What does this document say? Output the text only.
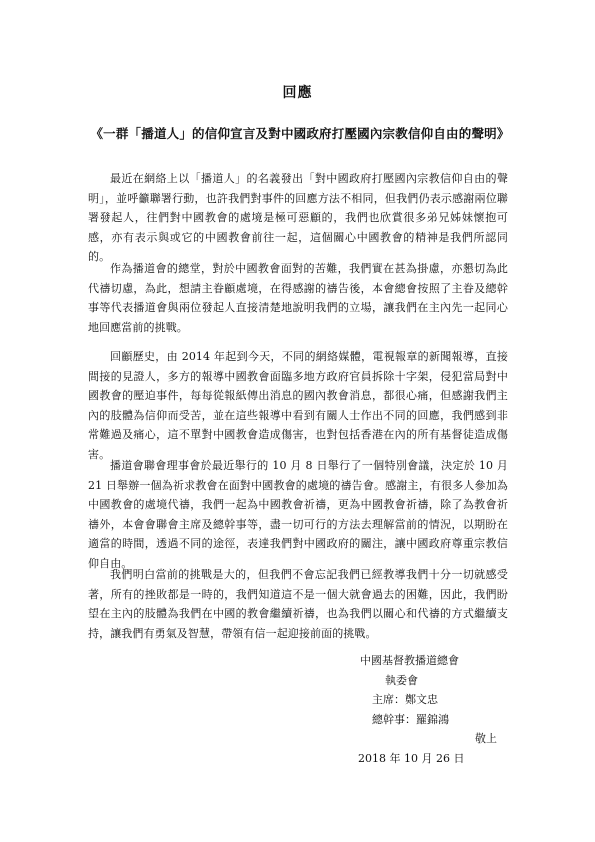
回應
《一群「播道人」的信仰宣言及對中國政府打壓國內宗教信仰自由的聲明》

最近在網絡上以「播道人」的名義發出「對中國政府打壓國內宗教信仰自由的聲明」，並呼籲聯署行動，也許我們對事件的回應方法不相同，但我們仍表示感謝兩位聯署發起人，往們對中國教會的處境是極可惡顧的，我們也欣賞很多弟兄姊妹懷抱可感，亦有表示與或它的中國教會前往一起，這個關心中國教會的精神是我們所認同的。

作為播道會的總堂，對於中國教會面對的苦難，我們實在甚為掛慮，亦懇切為此代禱切慮，為此，想請主眷顧處境，在得感謝的禱告後，本會總會按照了主眷及總幹事等代表播道會與兩位發起人直接清楚地說明我們的立場，讓我們在主內先一起同心地回應當前的挑戰。

回顧歷史，由 2014 年起到今天，不同的網絡媒體，電視報章的新聞報導，直接間接的見證人，多方的報導中國教會面臨多地方政府官員拆除十字架，侵犯當局對中國教會的壓迫事件，每每從報紙傳出消息的國內教會消息，都很心痛，但感謝我們主內的肢體為信仰而受苦，並在這些報導中看到有關人士作出不同的回應，我們感到非常難過及痛心，這不單對中國教會造成傷害，也對包括香港在內的所有基督徒造成傷害。

播道會聯會理事會於最近舉行的 10 月 8 日舉行了一個特別會議，決定於 10 月 21 日舉辦一個為祈求教會在面對中國教會的處境的禱告會。感謝主，有很多人參加為中國教會的處境代禱，我們一起為中國教會祈禱，更為中國教會祈禱，除了為教會祈禱外，本會會聯會主席及總幹事等，盡一切可行的方法去理解當前的情況，以期盼在適當的時間，透過不同的途徑，表達我們對中國政府的關注，讓中國政府尊重宗教信仰自由。

我們明白當前的挑戰是大的，但我們不會忘記我們已經教導我們十分一切就感受著，所有的挫敗都是一時的，我們知道這不是一個大就會過去的困難，因此，我們盼望在主內的肢體為我們在中國的教會繼續祈禱，也為我們以關心和代禱的方式繼續支持，讓我們有勇氣及智慧，帶領有信一起迎接前面的挑戰。

中國基督教播道總會
執委會
主席：鄭文忠
總幹事：羅錦鴻
敬上
2018 年 10 月 26 日
